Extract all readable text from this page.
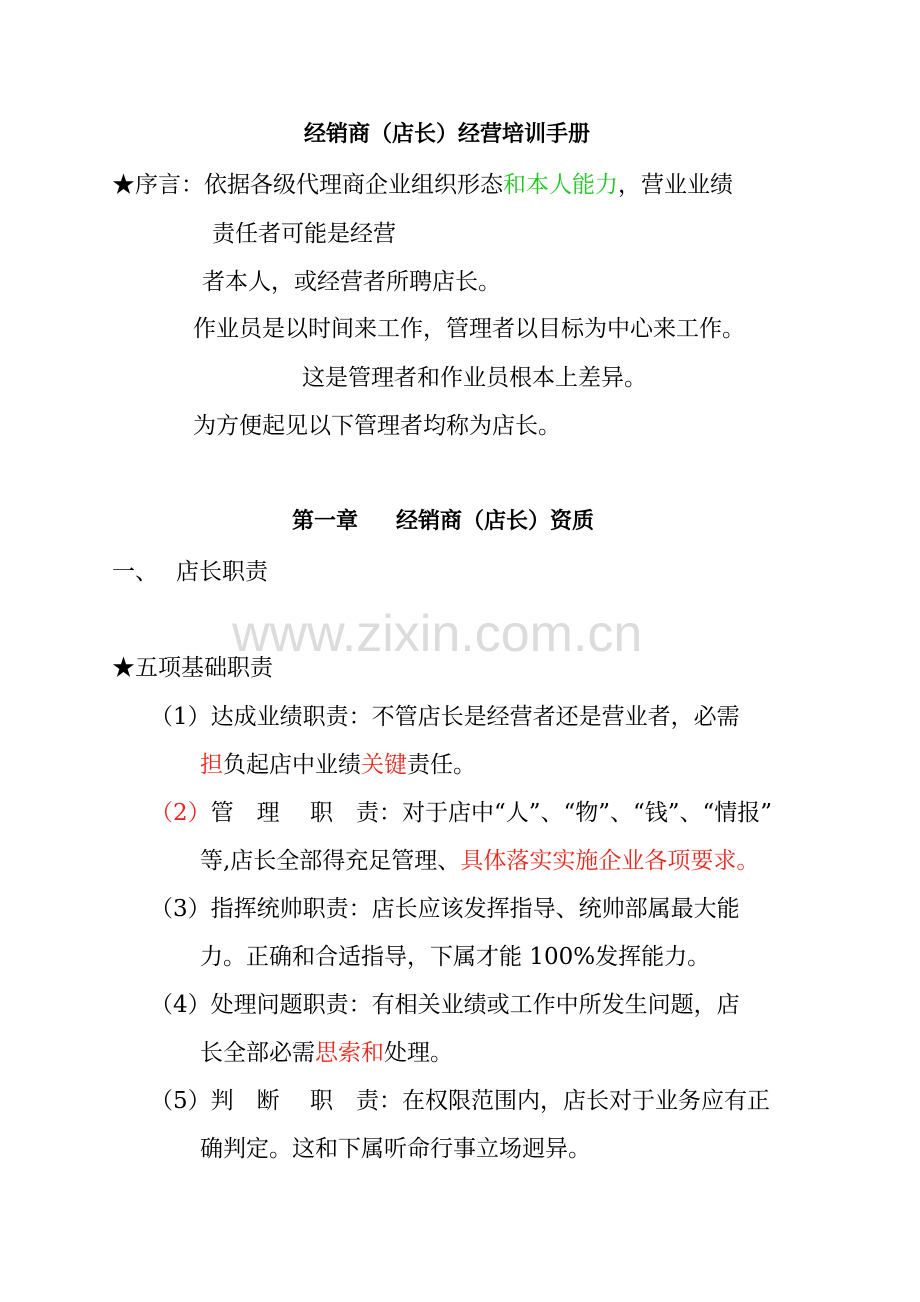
经销商（店长）经营培训手册
★序言：依据各级代理商企业组织形态和本人能力，营业业绩
责任者可能是经营
者本人，或经营者所聘店长。
作业员是以时间来工作，管理者以目标为中心来工作。
这是管理者和作业员根本上差异。
为方便起见以下管理者均称为店长。
第一章 经销商（店长）资质
一、 店长职责
www.zixin.com.cn
★五项基础职责
（1）达成业绩职责：不管店长是经营者还是营业者，必需
担负起店中业绩关键责任。
（2）管　理　 职　责：对于店中“人”、“物”、“钱”、“情报”
等,店长全部得充足管理、具体落实实施企业各项要求。
（3）指挥统帅职责：店长应该发挥指导、统帅部属最大能
力。正确和合适指导，下属才能 100%发挥能力。
（4）处理问题职责：有相关业绩或工作中所发生问题，店
长全部必需思索和处理。
（5）判　断　 职　责：在权限范围内，店长对于业务应有正
确判定。这和下属听命行事立场迥异。
